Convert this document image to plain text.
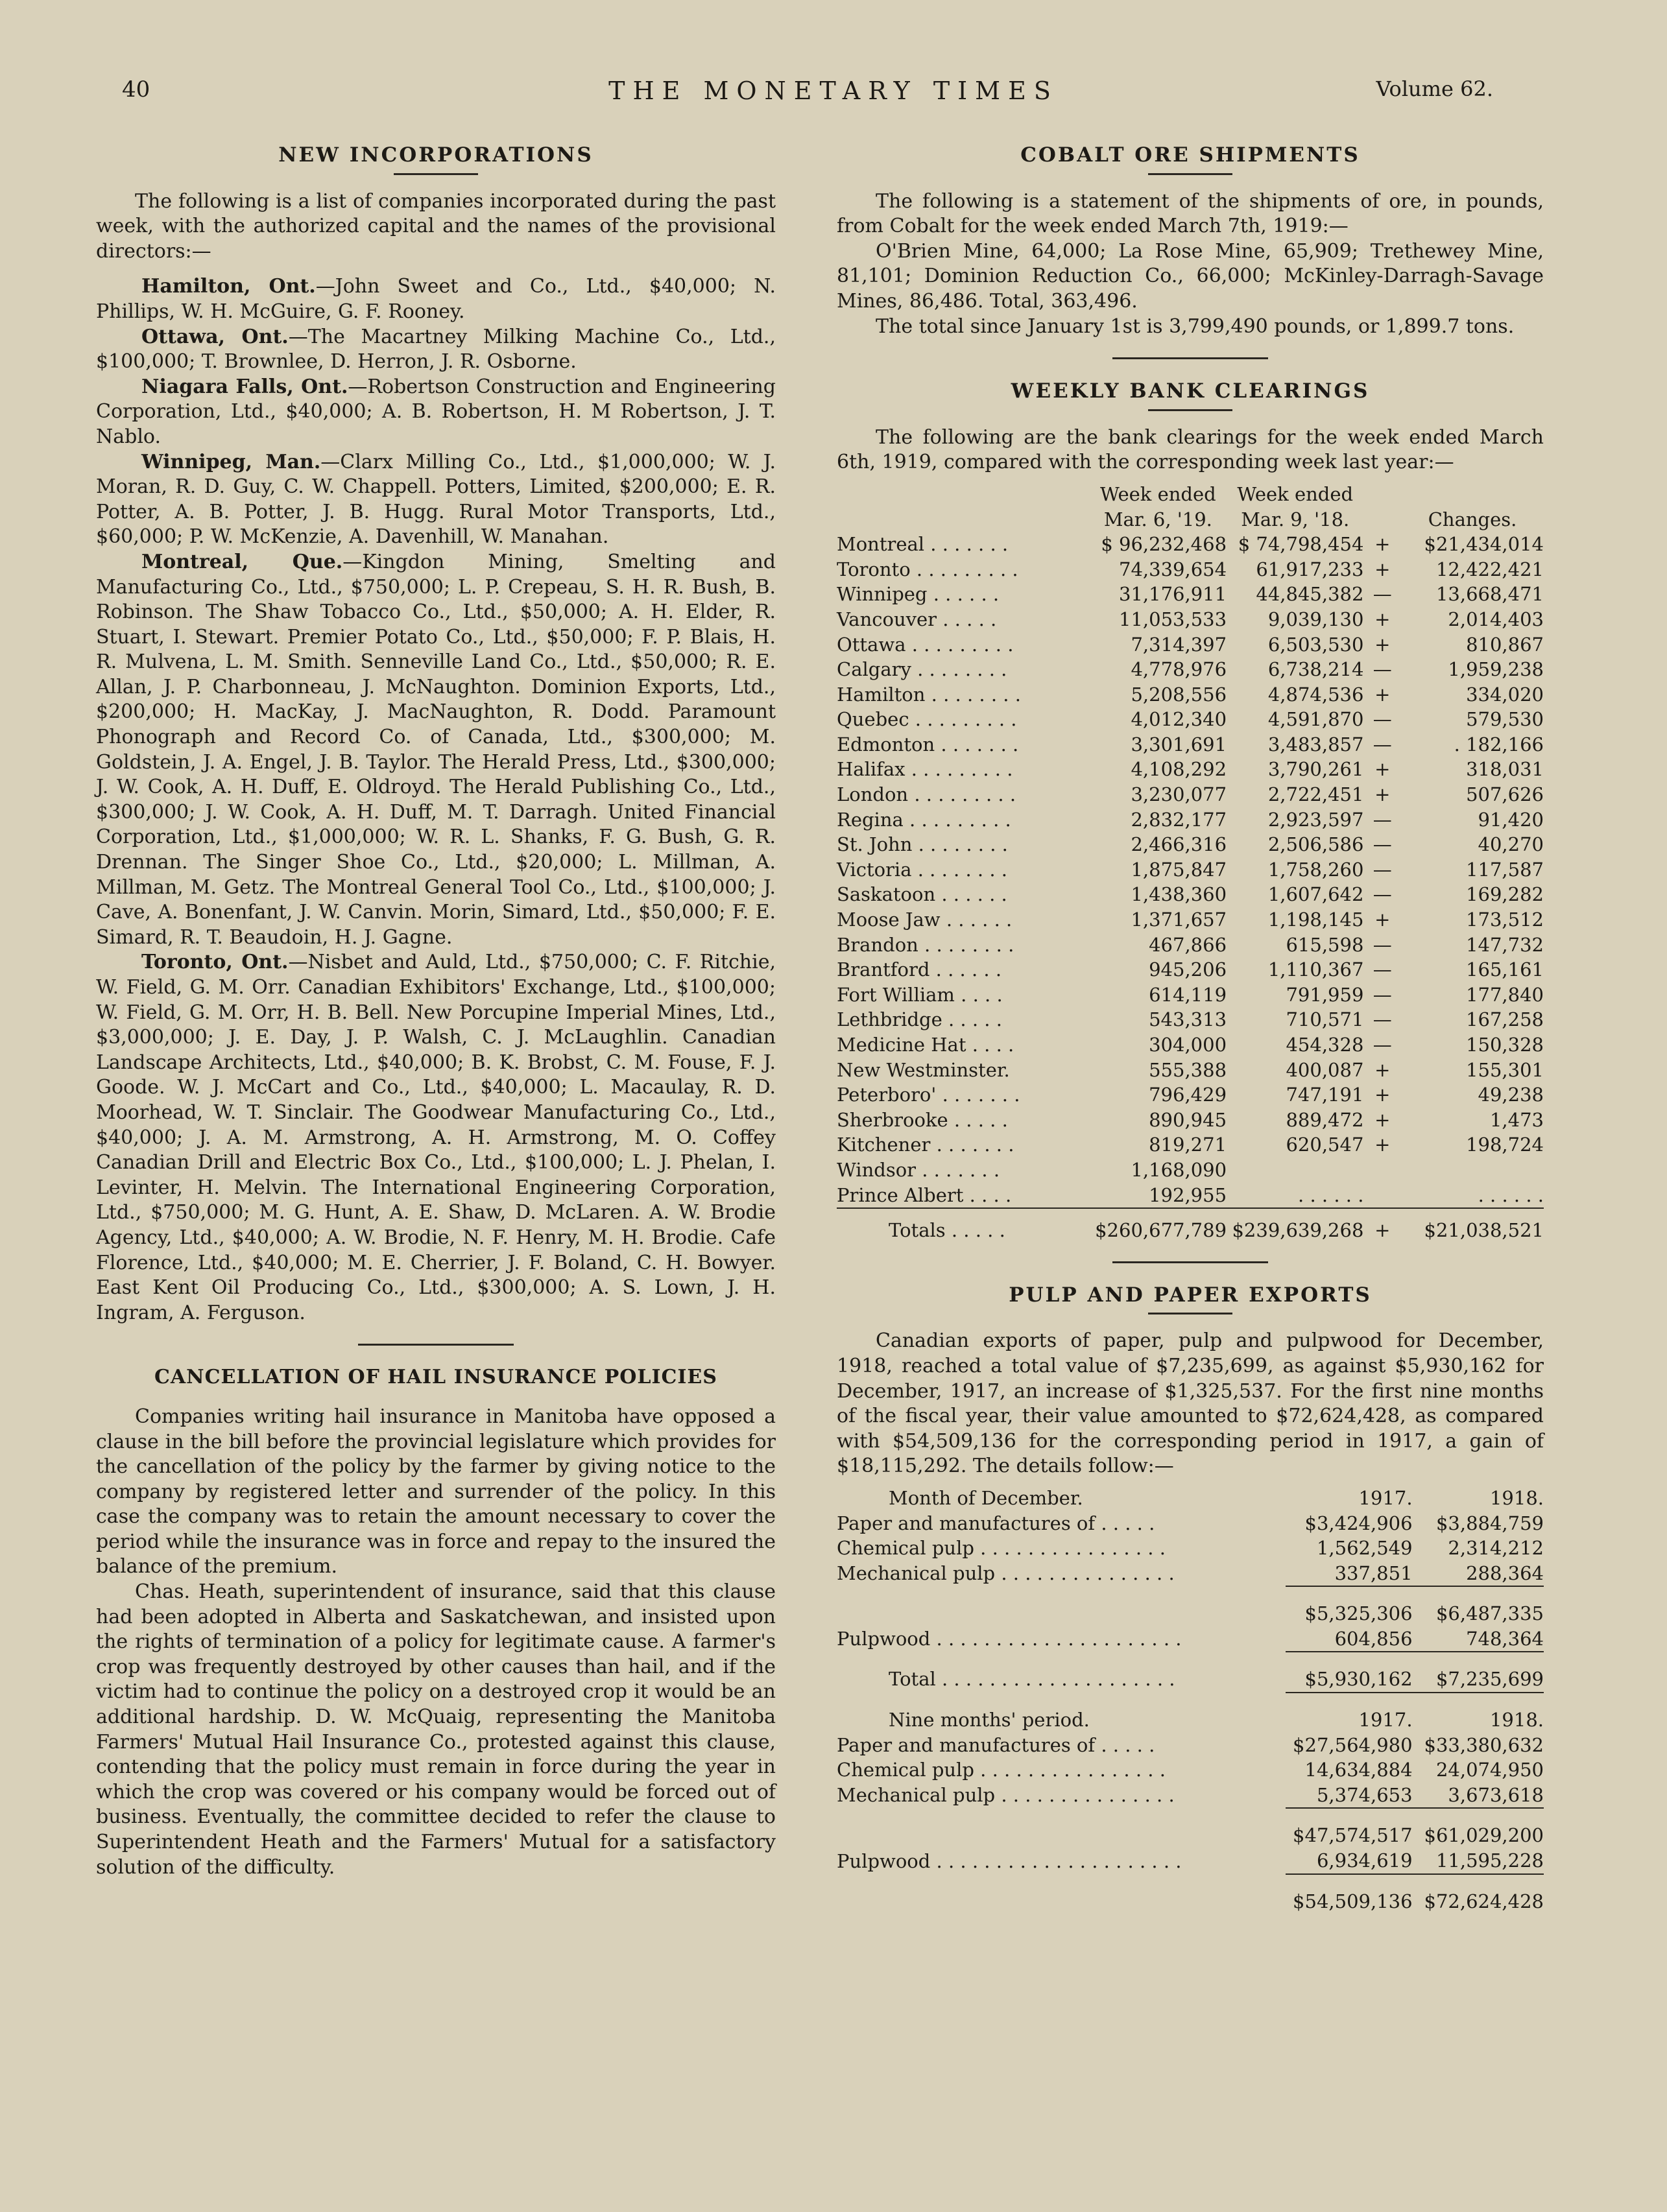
40	THE MONETARY TIMES	Volume 62.
NEW INCORPORATIONS

The following is a list of companies incorporated during the past week, with the authorized capital and the names of the provisional directors:—

Hamilton, Ont.—John Sweet and Co., Ltd., $40,000; N. Phillips, W. H. McGuire, G. F. Rooney.

Ottawa, Ont.—The Macartney Milking Machine Co., Ltd., $100,000; T. Brownlee, D. Herron, J. R. Osborne.

Niagara Falls, Ont.—Robertson Construction and Engineering Corporation, Ltd., $40,000; A. B. Robertson, H. M Robertson, J. T. Nablo.

Winnipeg, Man.—Clarx Milling Co., Ltd., $1,000,000; W. J. Moran, R. D. Guy, C. W. Chappell. Potters, Limited, $200,000; E. R. Potter, A. B. Potter, J. B. Hugg. Rural Motor Transports, Ltd., $60,000; P. W. McKenzie, A. Davenhill, W. Manahan.

Montreal, Que.—Kingdon Mining, Smelting and Manufacturing Co., Ltd., $750,000; L. P. Crepeau, S. H. R. Bush, B. Robinson. The Shaw Tobacco Co., Ltd., $50,000; A. H. Elder, R. Stuart, I. Stewart. Premier Potato Co., Ltd., $50,000; F. P. Blais, H. R. Mulvena, L. M. Smith. Senneville Land Co., Ltd., $50,000; R. E. Allan, J. P. Charbonneau, J. McNaughton. Dominion Exports, Ltd., $200,000; H. MacKay, J. MacNaughton, R. Dodd. Paramount Phonograph and Record Co. of Canada, Ltd., $300,000; M. Goldstein, J. A. Engel, J. B. Taylor. The Herald Press, Ltd., $300,000; J. W. Cook, A. H. Duff, E. Oldroyd. The Herald Publishing Co., Ltd., $300,000; J. W. Cook, A. H. Duff, M. T. Darragh. United Financial Corporation, Ltd., $1,000,000; W. R. L. Shanks, F. G. Bush, G. R. Drennan. The Singer Shoe Co., Ltd., $20,000; L. Millman, A. Millman, M. Getz. The Montreal General Tool Co., Ltd., $100,000; J. Cave, A. Bonenfant, J. W. Canvin. Morin, Simard, Ltd., $50,000; F. E. Simard, R. T. Beaudoin, H. J. Gagne.

Toronto, Ont.—Nisbet and Auld, Ltd., $750,000; C. F. Ritchie, W. Field, G. M. Orr. Canadian Exhibitors' Exchange, Ltd., $100,000; W. Field, G. M. Orr, H. B. Bell. New Porcupine Imperial Mines, Ltd., $3,000,000; J. E. Day, J. P. Walsh, C. J. McLaughlin. Canadian Landscape Architects, Ltd., $40,000; B. K. Brobst, C. M. Fouse, F. J. Goode. W. J. McCart and Co., Ltd., $40,000; L. Macaulay, R. D. Moorhead, W. T. Sinclair. The Goodwear Manufacturing Co., Ltd., $40,000; J. A. M. Armstrong, A. H. Armstrong, M. O. Coffey Canadian Drill and Electric Box Co., Ltd., $100,000; L. J. Phelan, I. Levinter, H. Melvin. The International Engineering Corporation, Ltd., $750,000; M. G. Hunt, A. E. Shaw, D. McLaren. A. W. Brodie Agency, Ltd., $40,000; A. W. Brodie, N. F. Henry, M. H. Brodie. Cafe Florence, Ltd., $40,000; M. E. Cherrier, J. F. Boland, C. H. Bowyer. East Kent Oil Producing Co., Ltd., $300,000; A. S. Lown, J. H. Ingram, A. Ferguson.

CANCELLATION OF HAIL INSURANCE POLICIES

Companies writing hail insurance in Manitoba have opposed a clause in the bill before the provincial legislature which provides for the cancellation of the policy by the farmer by giving notice to the company by registered letter and surrender of the policy. In this case the company was to retain the amount necessary to cover the period while the insurance was in force and repay to the insured the balance of the premium.

Chas. Heath, superintendent of insurance, said that this clause had been adopted in Alberta and Saskatchewan, and insisted upon the rights of termination of a policy for legitimate cause. A farmer's crop was frequently destroyed by other causes than hail, and if the victim had to continue the policy on a destroyed crop it would be an additional hardship. D. W. McQuaig, representing the Manitoba Farmers' Mutual Hail Insurance Co., protested against this clause, contending that the policy must remain in force during the year in which the crop was covered or his company would be forced out of business. Eventually, the committee decided to refer the clause to Superintendent Heath and the Farmers' Mutual for a satisfactory solution of the difficulty.

COBALT ORE SHIPMENTS

The following is a statement of the shipments of ore, in pounds, from Cobalt for the week ended March 7th, 1919:—

O'Brien Mine, 64,000; La Rose Mine, 65,909; Trethewey Mine, 81,101; Dominion Reduction Co., 66,000; McKinley-Darragh-Savage Mines, 86,486. Total, 363,496.

The total since January 1st is 3,799,490 pounds, or 1,899.7 tons.

WEEKLY BANK CLEARINGS

The following are the bank clearings for the week ended March 6th, 1919, compared with the corresponding week last year:—

	Week ended	Week ended		
	Mar. 6, '19.	Mar. 9, '18.		Changes.
Montreal . . . . . . .	$ 96,232,468	$ 74,798,454	+	$21,434,014
Toronto . . . . . . . . .	74,339,654	61,917,233	+	12,422,421
Winnipeg . . . . . .	31,176,911	44,845,382	—	13,668,471
Vancouver . . . . .	11,053,533	9,039,130	+	2,014,403
Ottawa . . . . . . . . .	7,314,397	6,503,530	+	810,867
Calgary . . . . . . . .	4,778,976	6,738,214	—	1,959,238
Hamilton . . . . . . . .	5,208,556	4,874,536	+	334,020
Quebec . . . . . . . . .	4,012,340	4,591,870	—	579,530
Edmonton . . . . . . .	3,301,691	3,483,857	—	. 182,166
Halifax . . . . . . . . .	4,108,292	3,790,261	+	318,031
London . . . . . . . . .	3,230,077	2,722,451	+	507,626
Regina . . . . . . . . .	2,832,177	2,923,597	—	91,420
St. John . . . . . . . .	2,466,316	2,506,586	—	40,270
Victoria . . . . . . . .	1,875,847	1,758,260	—	117,587
Saskatoon . . . . . .	1,438,360	1,607,642	—	169,282
Moose Jaw . . . . . .	1,371,657	1,198,145	+	173,512
Brandon . . . . . . . .	467,866	615,598	—	147,732
Brantford . . . . . .	945,206	1,110,367	—	165,161
Fort William . . . .	614,119	791,959	—	177,840
Lethbridge . . . . .	543,313	710,571	—	167,258
Medicine Hat . . . .	304,000	454,328	—	150,328
New Westminster.	555,388	400,087	+	155,301
Peterboro' . . . . . . .	796,429	747,191	+	49,238
Sherbrooke . . . . .	890,945	889,472	+	1,473
Kitchener . . . . . . .	819,271	620,547	+	198,724
Windsor . . . . . . .	1,168,090			
Prince Albert . . . .	192,955	. . . . . .		. . . . . .
Totals . . . . .	$260,677,789	$239,639,268	+	$21,038,521
PULP AND PAPER EXPORTS

Canadian exports of paper, pulp and pulpwood for December, 1918, reached a total value of $7,235,699, as against $5,930,162 for December, 1917, an increase of $1,325,537. For the first nine months of the fiscal year, their value amounted to $72,624,428, as compared with $54,509,136 for the corresponding period in 1917, a gain of $18,115,292. The details follow:—

Month of December.	1917.	1918.
Paper and manufactures of . . . . .	$3,424,906	$3,884,759
Chemical pulp . . . . . . . . . . . . . . . .	1,562,549	2,314,212
Mechanical pulp . . . . . . . . . . . . . . .	337,851	288,364
	$5,325,306	$6,487,335
Pulpwood . . . . . . . . . . . . . . . . . . . . .	604,856	748,364
Total . . . . . . . . . . . . . . . . . . . .	$5,930,162	$7,235,699
Nine months' period.	1917.	1918.
Paper and manufactures of . . . . .	$27,564,980	$33,380,632
Chemical pulp . . . . . . . . . . . . . . . .	14,634,884	24,074,950
Mechanical pulp . . . . . . . . . . . . . . .	5,374,653	3,673,618
	$47,574,517	$61,029,200
Pulpwood . . . . . . . . . . . . . . . . . . . . .	6,934,619	11,595,228
	$54,509,136	$72,624,428
